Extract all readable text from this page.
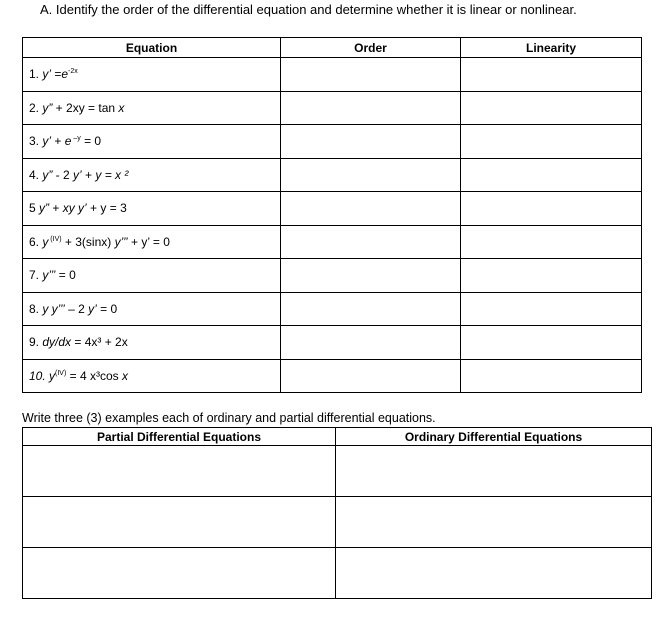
A. Identify the order of the differential equation and determine whether it is linear or nonlinear.
Equation	Order	Linearity
1. y’ $=e^{-2x}$		
2. y” + 2xy = tan x		
3. y’ + e $^{-y}$ = 0		
4. y” - 2 y’ + y = x ²		
5 y” + xy y’ + y = 3		
6. y $^{(IV)}$ + 3(sinx) y’’’ + y’ = 0		
7. y’’’ = 0		
8. y y’’’ – 2 y’ = 0		
9. dy/dx = 4x³ + 2x		
10. $y^{(IV)} = 4$ x³cos x		
Write three (3) examples each of ordinary and partial differential equations.
Partial Differential Equations	Ordinary Differential Equations
